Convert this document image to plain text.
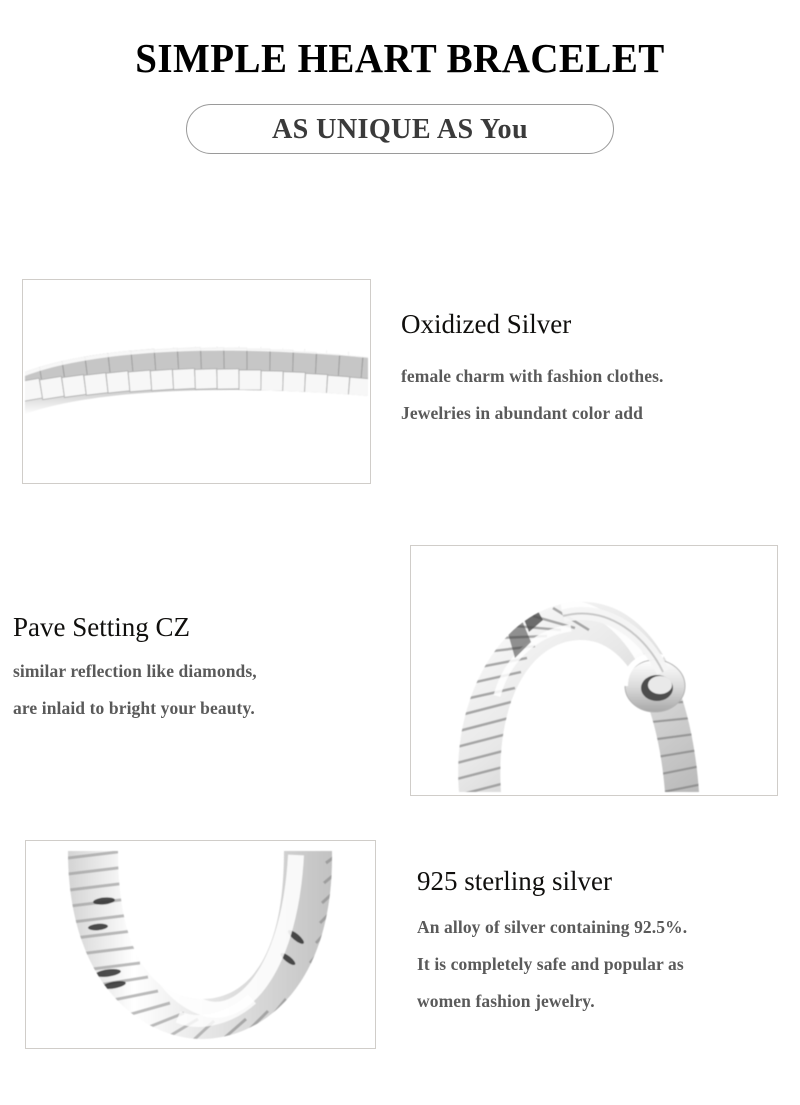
SIMPLE HEART BRACELET
AS UNIQUE AS You
Oxidized Silver
female charm with fashion clothes.
Jewelries in abundant color add
Pave Setting CZ
similar reflection like diamonds,
are inlaid to bright your beauty.
925 sterling silver
An alloy of silver containing 92.5%.
It is completely safe and popular as
women fashion jewelry.
